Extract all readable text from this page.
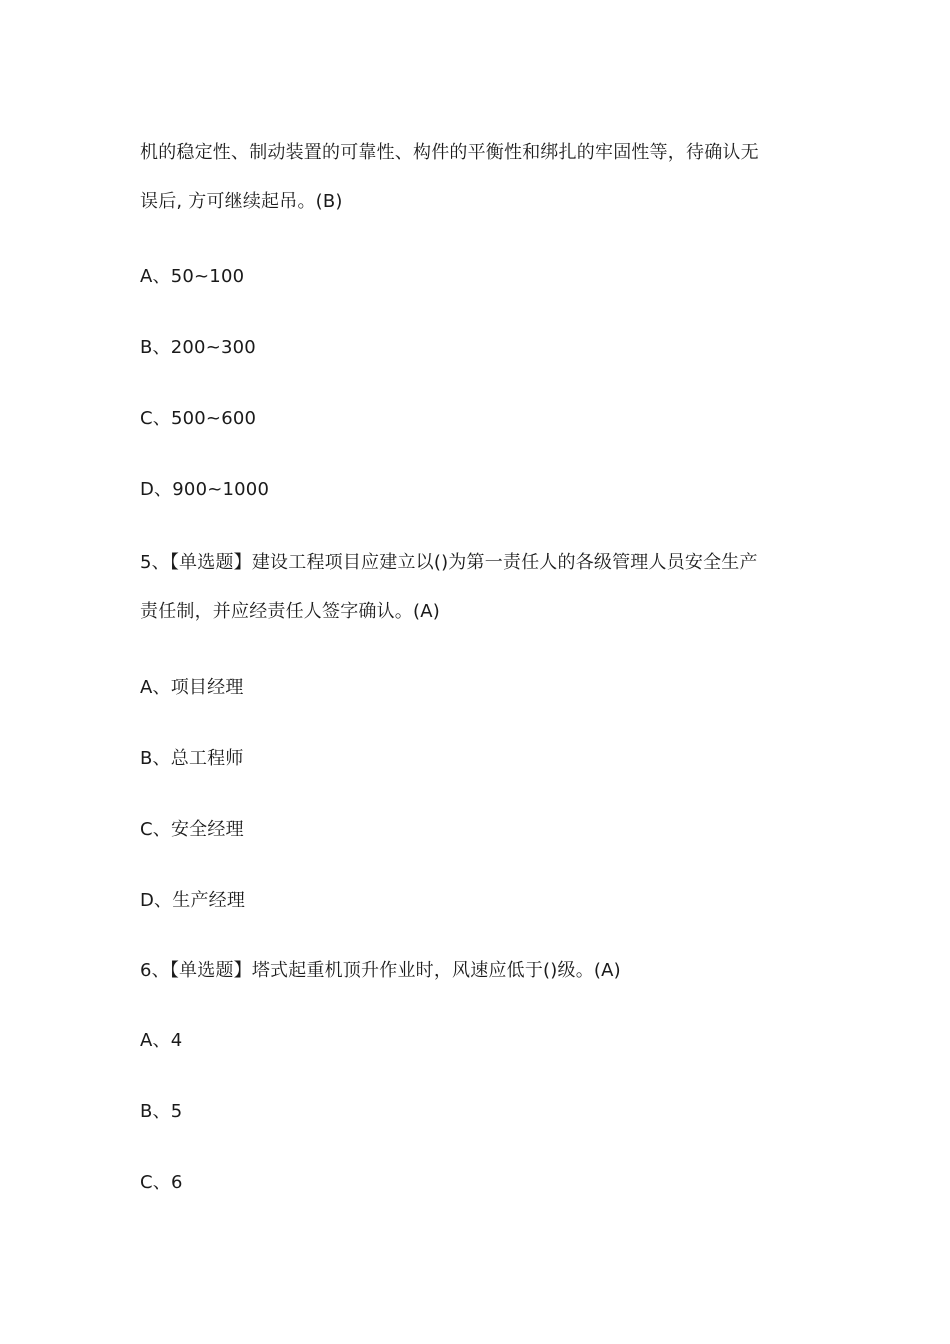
机的稳定性、制动装置的可靠性、构件的平衡性和绑扎的牢固性等，待确认无
误后, 方可继续起吊。(B)
A、50~100
B、200~300
C、500~600
D、900~1000
5、【单选题】建设工程项目应建立以()为第一责任人的各级管理人员安全生产
责任制，并应经责任人签字确认。(A)
A、项目经理
B、总工程师
C、安全经理
D、生产经理
6、【单选题】塔式起重机顶升作业时，风速应低于()级。(A)
A、4
B、5
C、6
